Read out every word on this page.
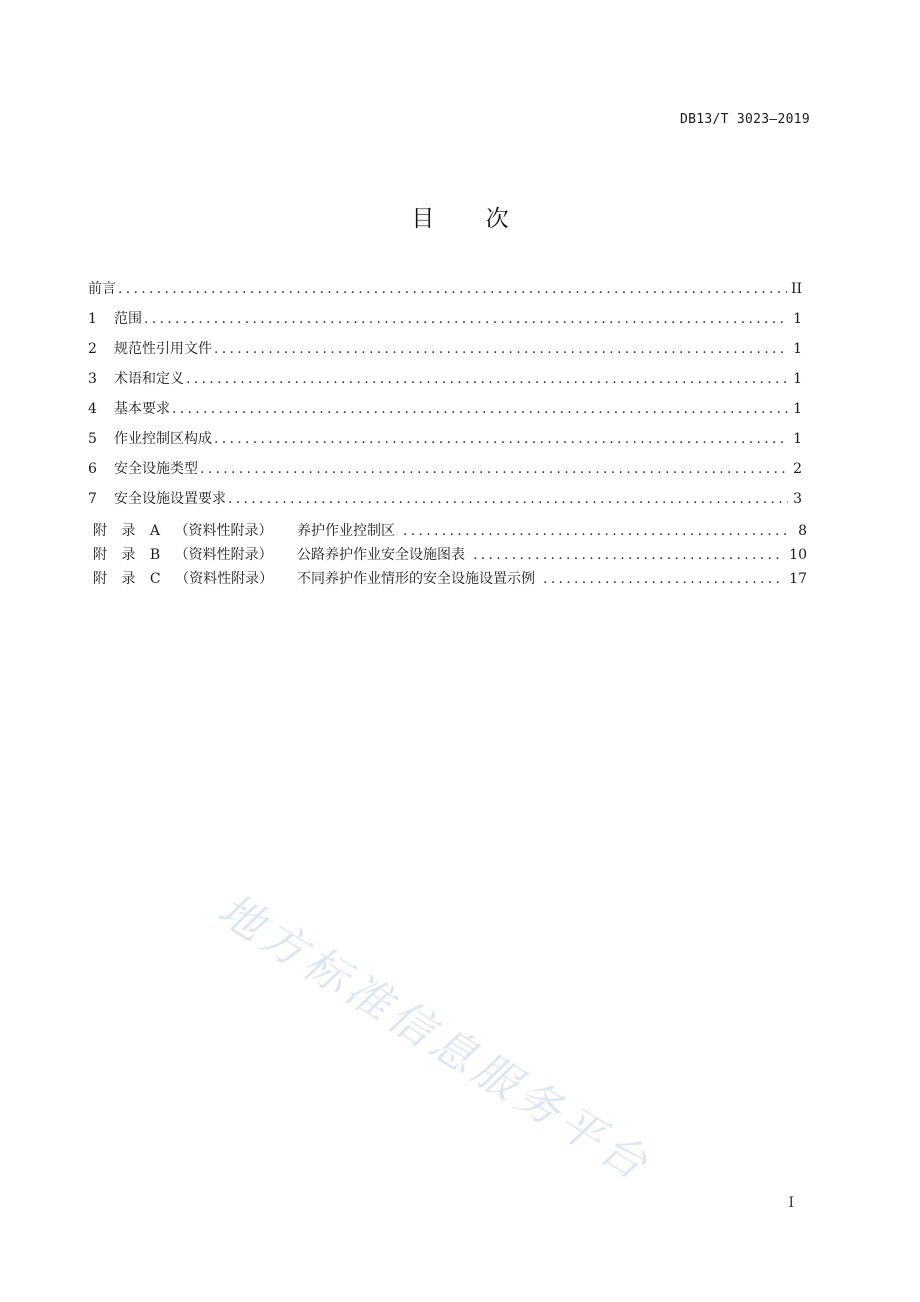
DB13/T 3023—2019
目 次
前言 .....	II
1	范围 .....	1
2	规范性引用文件 .....	1
3	术语和定义 .....	1
4	基本要求 .....	1
5	作业控制区构成 .....	1
6	安全设施类型 .....	2
7	安全设施设置要求 .....	3
附 录 A （资料性附录）	养护作业控制区 .....	8
附 录 B （资料性附录）	公路养护作业安全设施图表 .....	10
附 录 C （资料性附录）	不同养护作业情形的安全设施设置示例 .....	17
地方标准信息服务平台
I
